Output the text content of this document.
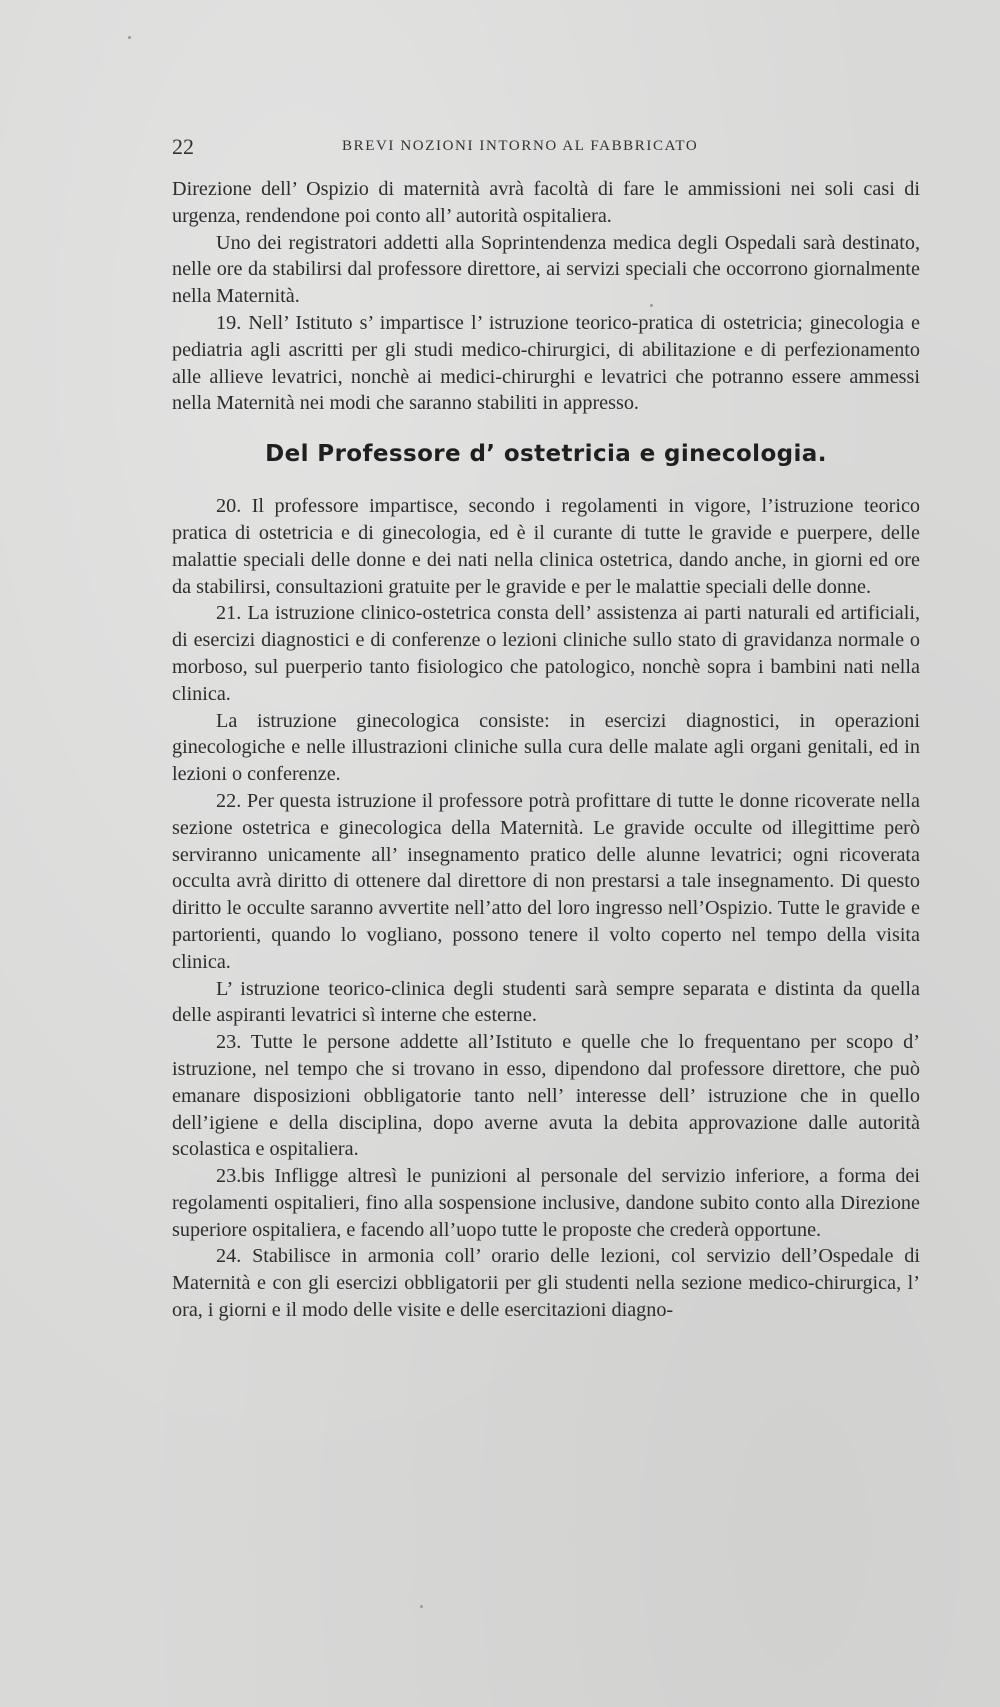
22	BREVI NOZIONI INTORNO AL FABBRICATO

Direzione dell’ Ospizio di maternità avrà facoltà di fare le ammissioni nei soli casi di urgenza, rendendone poi conto all’ autorità ospitaliera.

Uno dei registratori addetti alla Soprintendenza medica degli Ospedali sarà destinato, nelle ore da stabilirsi dal professore direttore, ai servizi speciali che occorrono giornalmente nella Maternità.

19. Nell’ Istituto s’ impartisce l’ istruzione teorico-pratica di ostetricia; ginecologia e pediatria agli ascritti per gli studi medico-chirurgici, di abilitazione e di perfezionamento alle allieve levatrici, nonchè ai medici-chirurghi e levatrici che potranno essere ammessi nella Maternità nei modi che saranno stabiliti in appresso.

Del Professore d’ ostetricia e ginecologia.

20. Il professore impartisce, secondo i regolamenti in vigore, l’istruzione teorico pratica di ostetricia e di ginecologia, ed è il curante di tutte le gravide e puerpere, delle malattie speciali delle donne e dei nati nella clinica ostetrica, dando anche, in giorni ed ore da stabilirsi, consultazioni gratuite per le gravide e per le malattie speciali delle donne.

21. La istruzione clinico-ostetrica consta dell’ assistenza ai parti naturali ed artificiali, di esercizi diagnostici e di conferenze o lezioni cliniche sullo stato di gravidanza normale o morboso, sul puerperio tanto fisiologico che patologico, nonchè sopra i bambini nati nella clinica.

La istruzione ginecologica consiste: in esercizi diagnostici, in operazioni ginecologiche e nelle illustrazioni cliniche sulla cura delle malate agli organi genitali, ed in lezioni o conferenze.

22. Per questa istruzione il professore potrà profittare di tutte le donne ricoverate nella sezione ostetrica e ginecologica della Maternità. Le gravide occulte od illegittime però serviranno unicamente all’ insegnamento pratico delle alunne levatrici; ogni ricoverata occulta avrà diritto di ottenere dal direttore di non prestarsi a tale insegnamento. Di questo diritto le occulte saranno avvertite nell’atto del loro ingresso nell’Ospizio. Tutte le gravide e partorienti, quando lo vogliano, possono tenere il volto coperto nel tempo della visita clinica.

L’ istruzione teorico-clinica degli studenti sarà sempre separata e distinta da quella delle aspiranti levatrici sì interne che esterne.

23. Tutte le persone addette all’Istituto e quelle che lo frequentano per scopo d’ istruzione, nel tempo che si trovano in esso, dipendono dal professore direttore, che può emanare disposizioni obbligatorie tanto nell’ interesse dell’ istruzione che in quello dell’igiene e della disciplina, dopo averne avuta la debita approvazione dalle autorità scolastica e ospitaliera.

23.bis Infligge altresì le punizioni al personale del servizio inferiore, a forma dei regolamenti ospitalieri, fino alla sospensione inclusive, dandone subito conto alla Direzione superiore ospitaliera, e facendo all’uopo tutte le proposte che crederà opportune.

24. Stabilisce in armonia coll’ orario delle lezioni, col servizio dell’Ospedale di Maternità e con gli esercizi obbligatorii per gli studenti nella sezione medico-chirurgica, l’ ora, i giorni e il modo delle visite e delle esercitazioni diagno-
